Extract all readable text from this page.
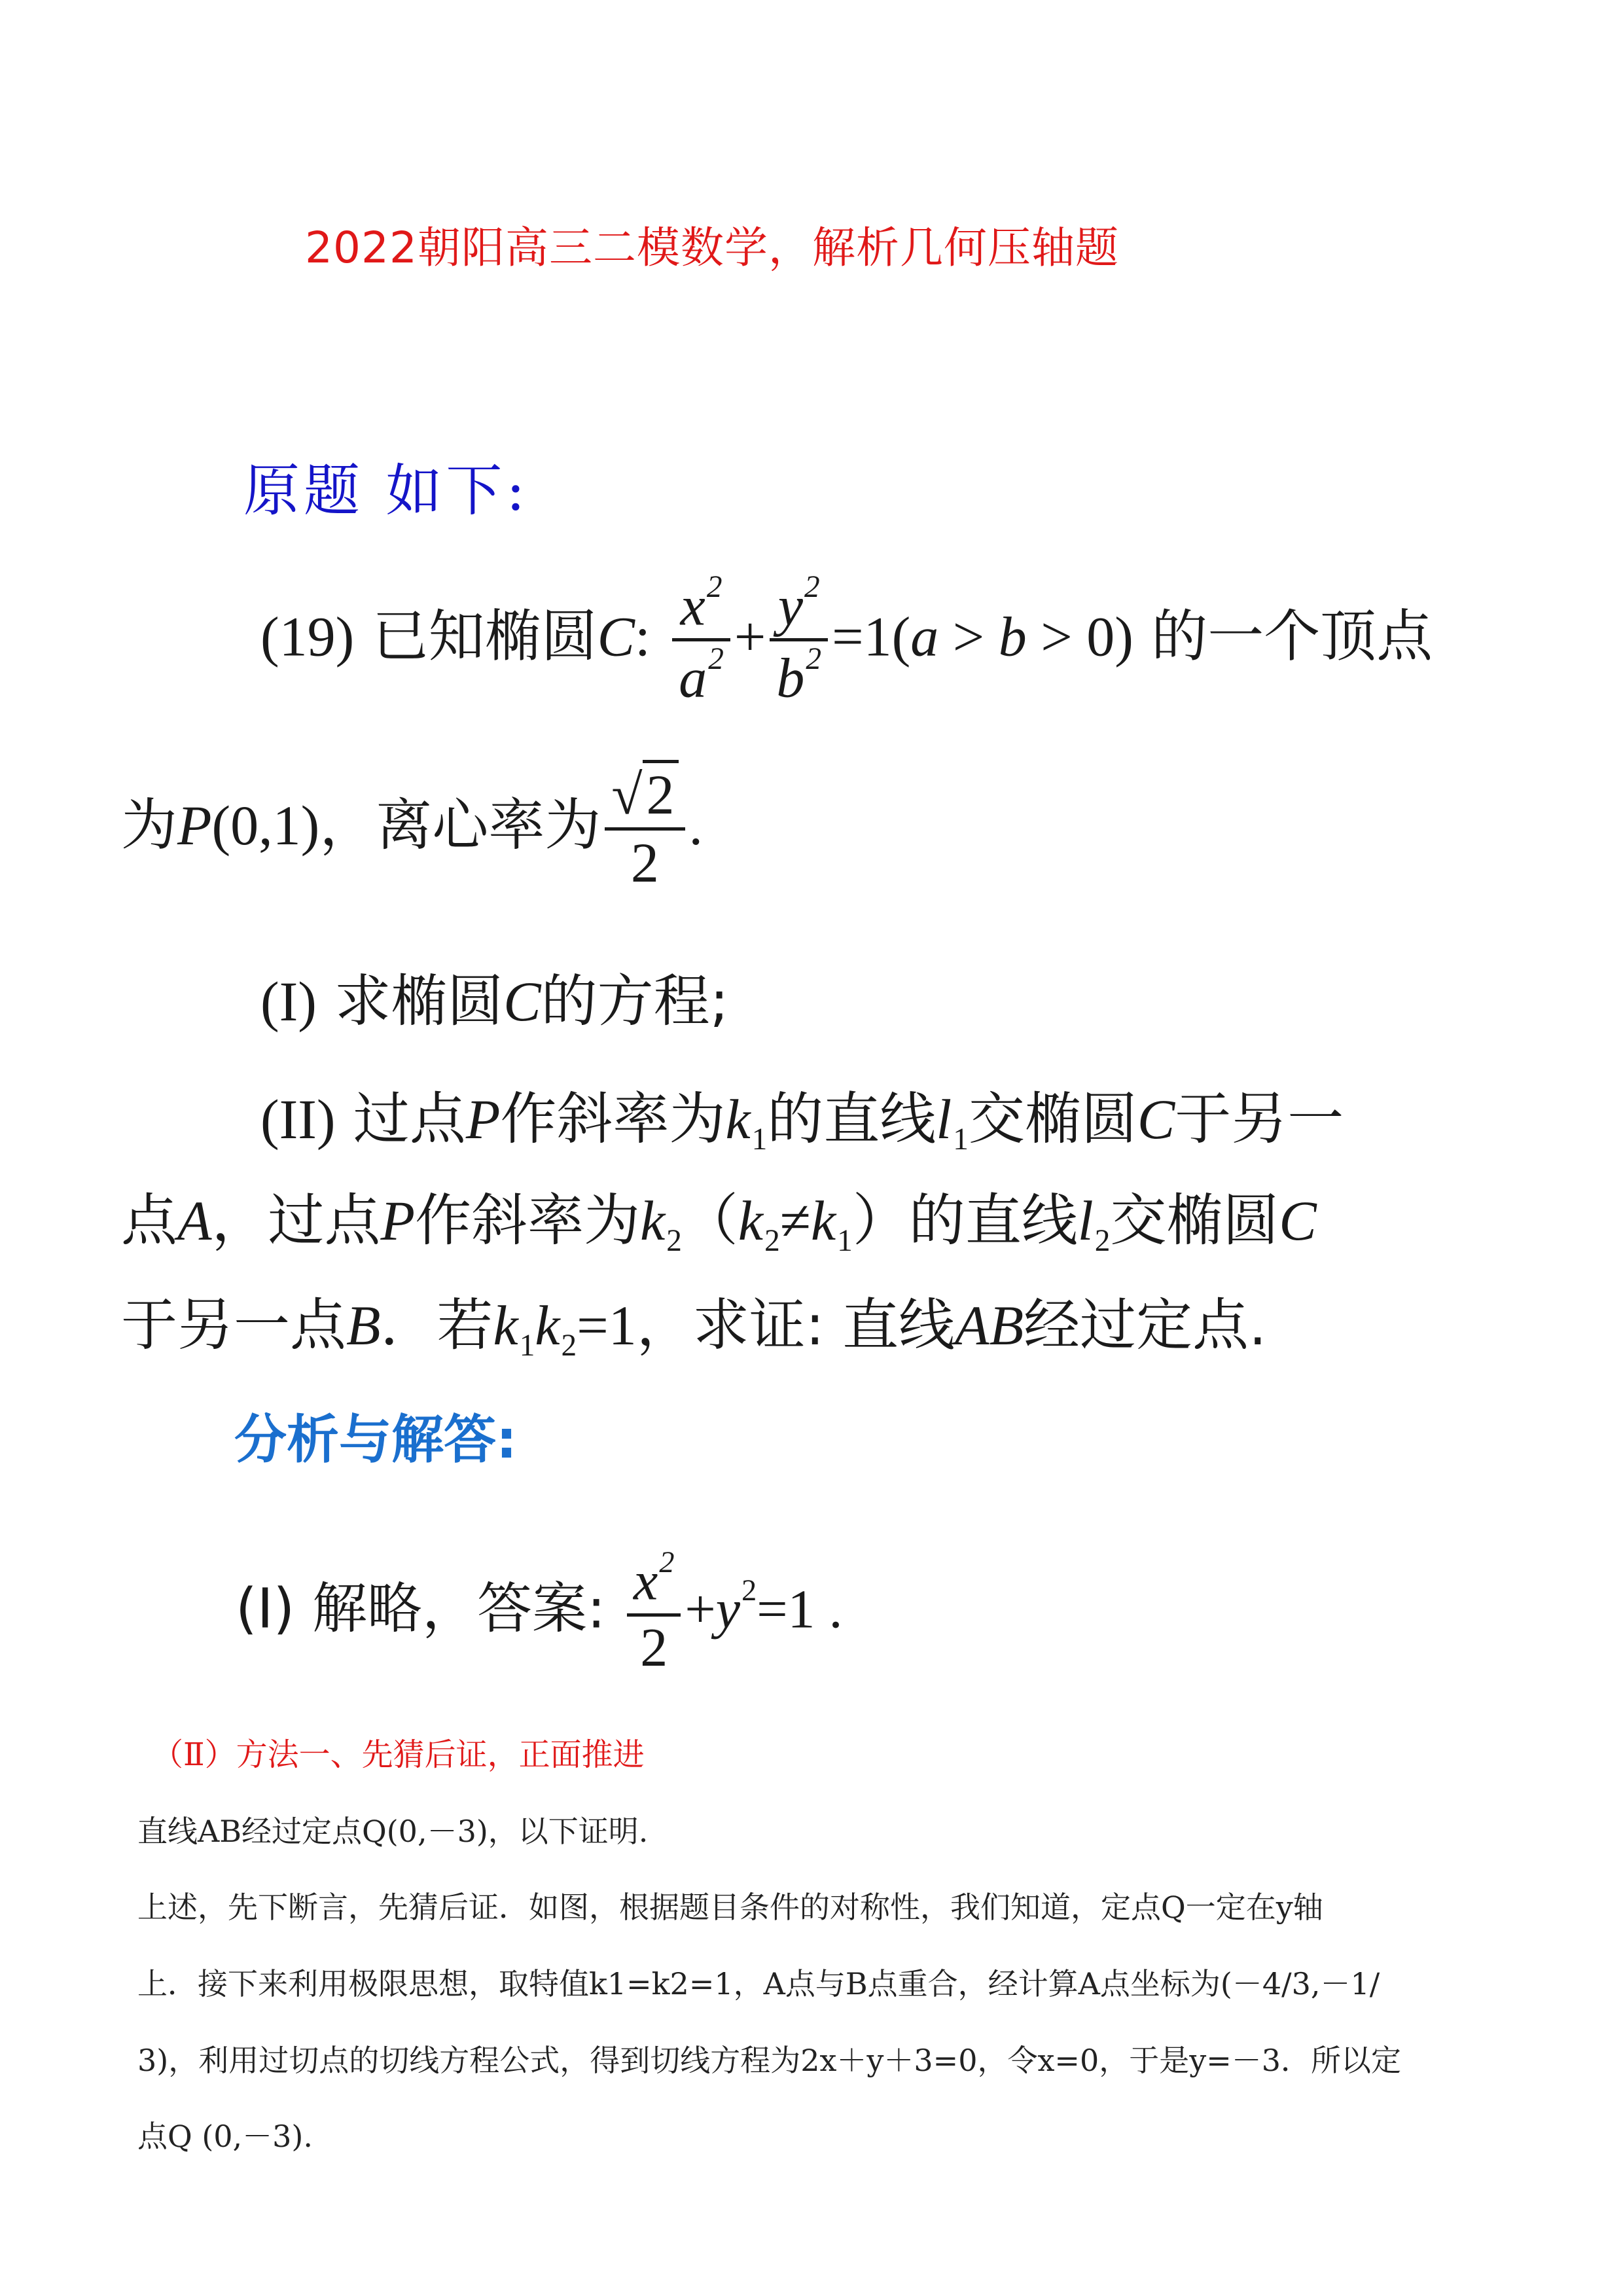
2022朝阳高三二模数学，解析几何压轴题
原题 如下:
(19) 已知椭圆C: $\frac{x^2}{a^2} + \frac{y^2}{b^2} =1(a > b > 0)$ 的一个顶点
为P(0,1)，离心率为 $\frac{√2}{2}$ .
(I) 求椭圆C的方程;
(II) 过点P作斜率为$k_1$的直线$l_1$交椭圆C于另一
点A，过点P作斜率为$k_2(k_2\ne k_1)$的直线$l_2$交椭圆C
于另一点B．若$k_1k_2=1$，求证: 直线AB经过定点.
分析与解答:
(Ⅰ) 解略，答案: $\frac{x^2}{2} +y^2=1$ .
（Ⅱ）方法一、先猜后证，正面推进
直线AB经过定点Q(0,－3)，以下证明.
上述，先下断言，先猜后证．如图，根据题目条件的对称性，我们知道，定点Q一定在y轴
上．接下来利用极限思想，取特值k1=k2=1，A点与B点重合，经计算A点坐标为(－4/3,－1/
3)，利用过切点的切线方程公式，得到切线方程为2x＋y＋3=0，令x=0，于是y=－3．所以定
点Q (0,－3).
